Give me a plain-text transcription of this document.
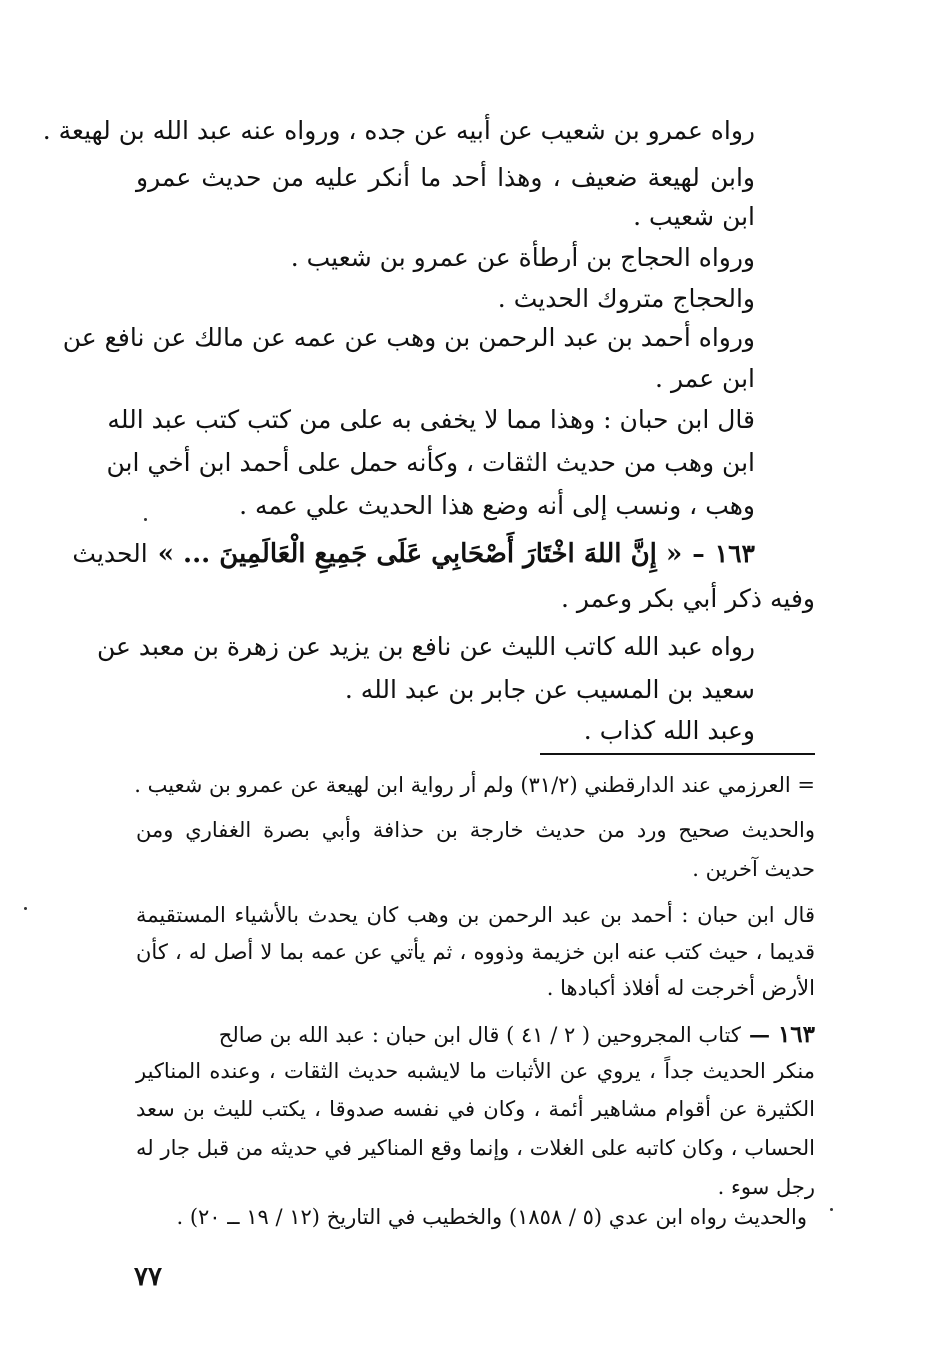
رواه عمرو بن شعيب عن أبيه عن جده ، ورواه عنه عبد الله بن لهيعة .
وابن لهيعة ضعيف ، وهذا أحد ما أنكر عليه من حديث عمرو
ابن شعيب .
ورواه الحجاج بن أرطأة عن عمرو بن شعيب .
والحجاج متروك الحديث .
ورواه أحمد بن عبد الرحمن بن وهب عن عمه عن مالك عن نافع عن
ابن عمر .
قال ابن حبان : وهذا مما لا يخفى به على من كتب كتب عبد الله
ابن وهب من حديث الثقات ، وكأنه حمل على أحمد ابن أخي ابن
وهب ، ونسب إلى أنه وضع هذا الحديث علي عمه .
١٦٣
–
« إِنَّ اللهَ اخْتَارَ أَصْحَابِي عَلَى جَمِيعِ الْعَالَمِينَ ... »
الحديث
وفيه ذكر أبي بكر وعمر .
رواه عبد الله كاتب الليث عن نافع بن يزيد عن زهرة بن معبد عن
سعيد بن المسيب عن جابر بن عبد الله .
وعبد الله كذاب .
= العرزمي عند الدارقطني (٣١/٢) ولم أر رواية ابن لهيعة عن عمرو بن شعيب .
والحديث صحيح ورد من حديث خارجة بن حذافة وأبي بصرة الغفاري ومن
حديث آخرين .
قال ابن حبان : أحمد بن عبد الرحمن بن وهب كان يحدث بالأشياء المستقيمة
قديما ، حيث كتب عنه ابن خزيمة وذووه ، ثم يأتي عن عمه بما لا أصل له ، كأن
الأرض أخرجت له أفلاذ أكبادها .
١٦٣
—
كتاب المجروحين ( ٢ / ٤١ ) قال ابن حبان : عبد الله بن صالح
منكر الحديث جداً ، يروي عن الأثبات ما لايشبه حديث الثقات ، وعنده المناكير
الكثيرة عن أقوام مشاهير أئمة ، وكان في نفسه صدوقا ، يكتب لليث بن سعد
الحساب ، وكان كاتبه على الغلات ، وإنما وقع المناكير في حديثه من قبل جار له
رجل سوء .
والحديث رواه ابن عدي (٥ / ١٨٥٨) والخطيب في التاريخ (١٢ / ١٩ ــ ٢٠) .
٧٧
